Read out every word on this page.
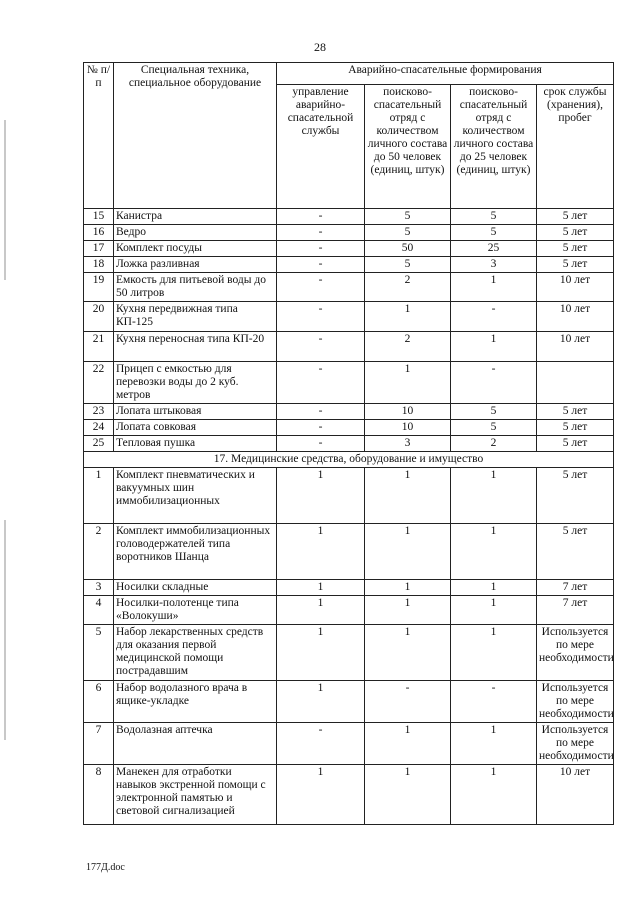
28
№ п/п	Специальная техника, специальное оборудование	Аварийно-спасательные формирования			
		управление аварийно-спасательной службы	поисково-спасательный отряд с количеством личного состава до 50 человек (единиц, штук)	поисково-спасательный отряд с количеством личного состава до 25 человек (единиц, штук)	срок службы (хранения), пробег
15	Канистра	-	5	5	5 лет
16	Ведро	-	5	5	5 лет
17	Комплект посуды	-	50	25	5 лет
18	Ложка разливная	-	5	3	5 лет
19	Емкость для питьевой воды до 50 литров	-	2	1	10 лет
20	Кухня передвижная типа КП-125	-	1	-	10 лет
21	Кухня переносная типа КП-20	-	2	1	10 лет
22	Прицеп с емкостью для перевозки воды до 2 куб. метров	-	1	-	
23	Лопата штыковая	-	10	5	5 лет
24	Лопата совковая	-	10	5	5 лет
25	Тепловая пушка	-	3	2	5 лет
17. Медицинские средства, оборудование и имущество					
1	Комплект пневматических и вакуумных шин иммобилизационных	1	1	1	5 лет
2	Комплект иммобилизационных головодержателей типа воротников Шанца	1	1	1	5 лет
3	Носилки складные	1	1	1	7 лет
4	Носилки-полотенце типа «Волокуши»	1	1	1	7 лет
5	Набор лекарственных средств для оказания первой медицинской помощи пострадавшим	1	1	1	Используется по мере необходимости
6	Набор водолазного врача в ящике-укладке	1	-	-	Используется по мере необходимости
7	Водолазная аптечка	-	1	1	Используется по мере необходимости
8	Манекен для отработки навыков экстренной помощи с электронной памятью и световой сигнализацией	1	1	1	10 лет
177Д.doc
